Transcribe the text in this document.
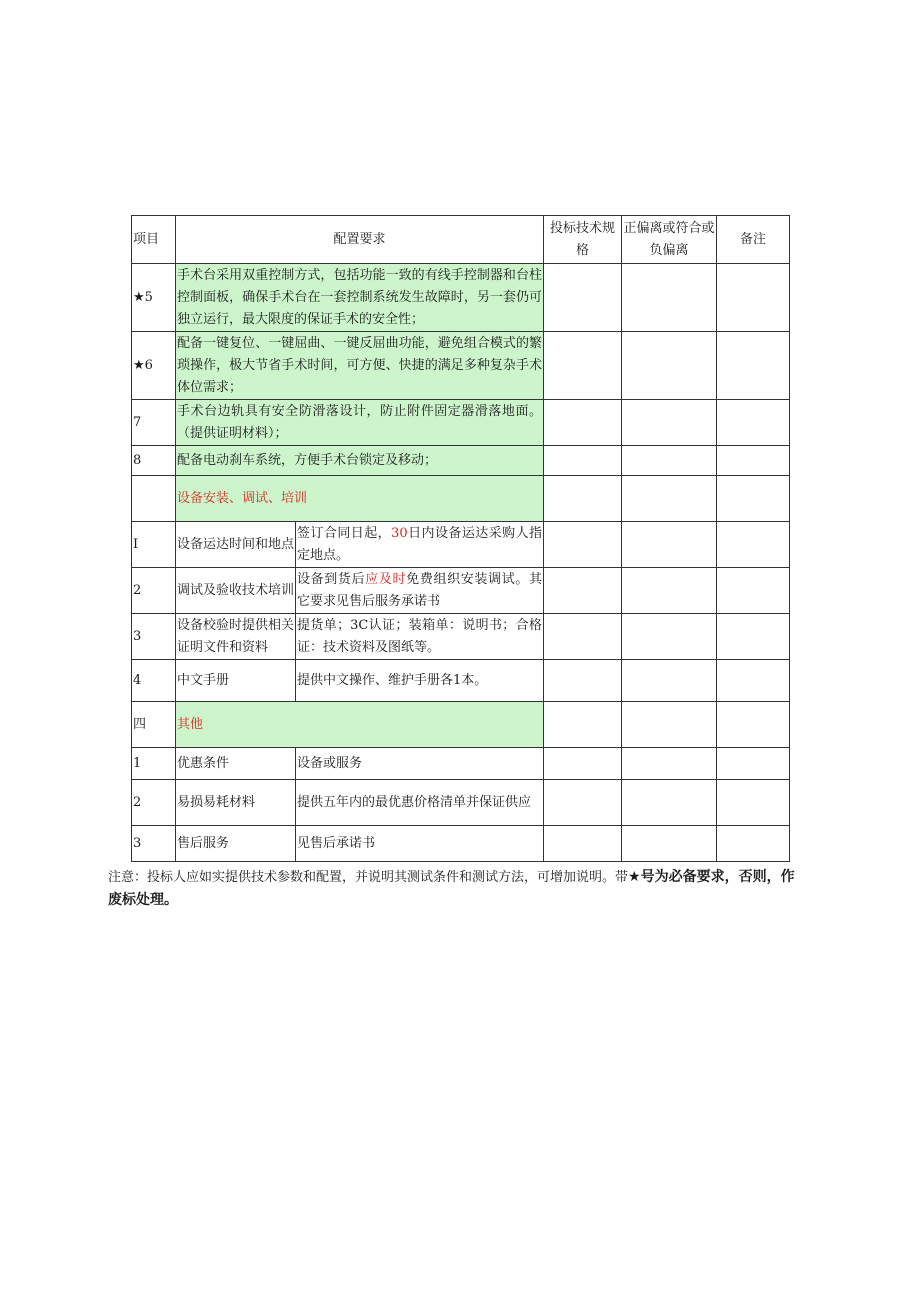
项目	配置要求		投标技术规格	正偏离或符合或负偏离	备注
★5	手术台采用双重控制方式，包括功能一致的有线手控制器和台柱控制面板，确保手术台在一套控制系统发生故障时，另一套仍可独立运行，最大限度的保证手术的安全性；				
★6	配备一键复位、一键屈曲、一键反屈曲功能，避免组合模式的繁琐操作，极大节省手术时间，可方便、快捷的满足多种复杂手术体位需求；				
7	手术台边轨具有安全防滑落设计，防止附件固定器滑落地面。（提供证明材料）；				
8	配备电动刹车系统，方便手术台锁定及移动；				
	设备安装、调试、培训				
I	设备运达时间和地点	签订合同日起，30日内设备运达采购人指定地点。			
2	调试及验收技术培训	设备到货后应及时免费组织安装调试。其它要求见售后服务承诺书			
3	设备校验时提供相关证明文件和资料	提货单；3C认证；装箱单：说明书；合格证：技术资料及图纸等。			
4	中文手册	提供中文操作、维护手册各1本。			
四	其他				
1	优惠条件	设备或服务			
2	易损易耗材料	提供五年内的最优惠价格清单并保证供应			
3	售后服务	见售后承诺书			

注意：投标人应如实提供技术参数和配置，并说明其测试条件和测试方法，可增加说明。带★号为必备要求，否则，作废标处理。
